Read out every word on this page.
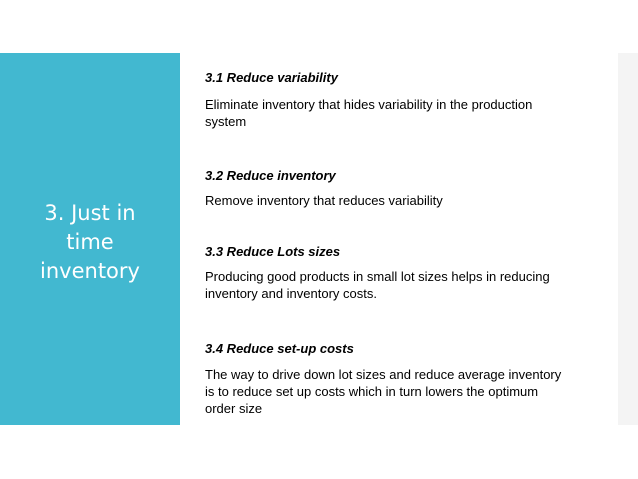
3. Just in
time
inventory
3.1 Reduce variability
Eliminate inventory that hides variability in the production
system
3.2 Reduce inventory
Remove inventory that reduces variability
3.3 Reduce Lots sizes
Producing good products in small lot sizes helps in reducing
inventory and inventory costs.
3.4 Reduce set-up costs
The way to drive down lot sizes and reduce average inventory
is to reduce set up costs which in turn lowers the optimum
order size
